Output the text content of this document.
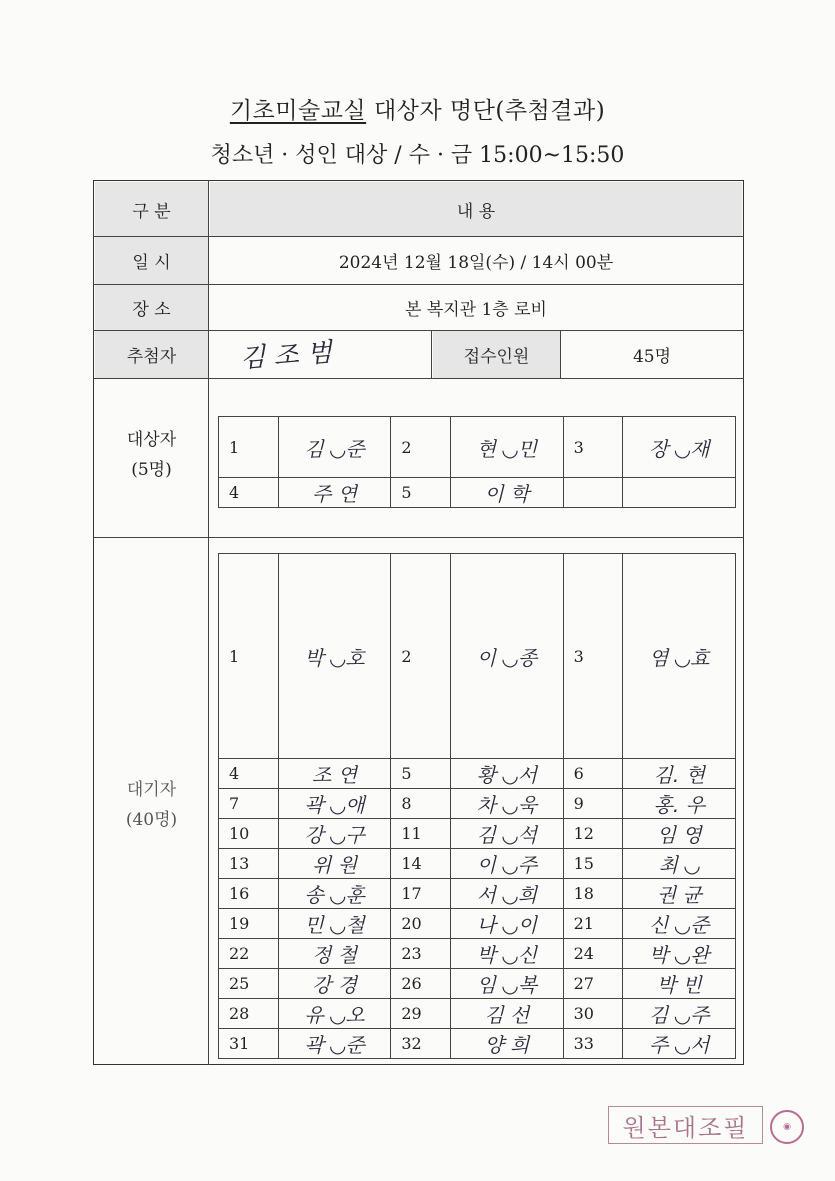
기초미술교실 대상자 명단(추첨결과)
청소년 · 성인 대상 / 수 · 금 15:00~15:50
구 분	내 용
일 시	2024년 12월 18일(수) / 14시 00분
장 소	본 복지관 1층 로비
추첨자	김 조 범	접수인원	45명
대상자
(5명)
대기자
(40명)
1	김 ◡준	2	현 ◡민	3	장 ◡재
4	주 연	5	이 학		
1	박 ◡호	2	이 ◡종	3	염 ◡효
4	조 연	5	황 ◡서	6	김. 현
7	곽 ◡애	8	차 ◡욱	9	홍. 우
10	강 ◡구	11	김 ◡석	12	임 영
13	위 원	14	이 ◡주	15	최 ◡
16	송 ◡훈	17	서 ◡희	18	권 균
19	민 ◡철	20	나 ◡이	21	신 ◡준
22	정 철	23	박 ◡신	24	박 ◡완
25	강 경	26	임 ◡복	27	박 빈
28	유 ◡오	29	김 선	30	김 ◡주
31	곽 ◡준	32	양 희	33	주 ◡서
원본대조필	◉
